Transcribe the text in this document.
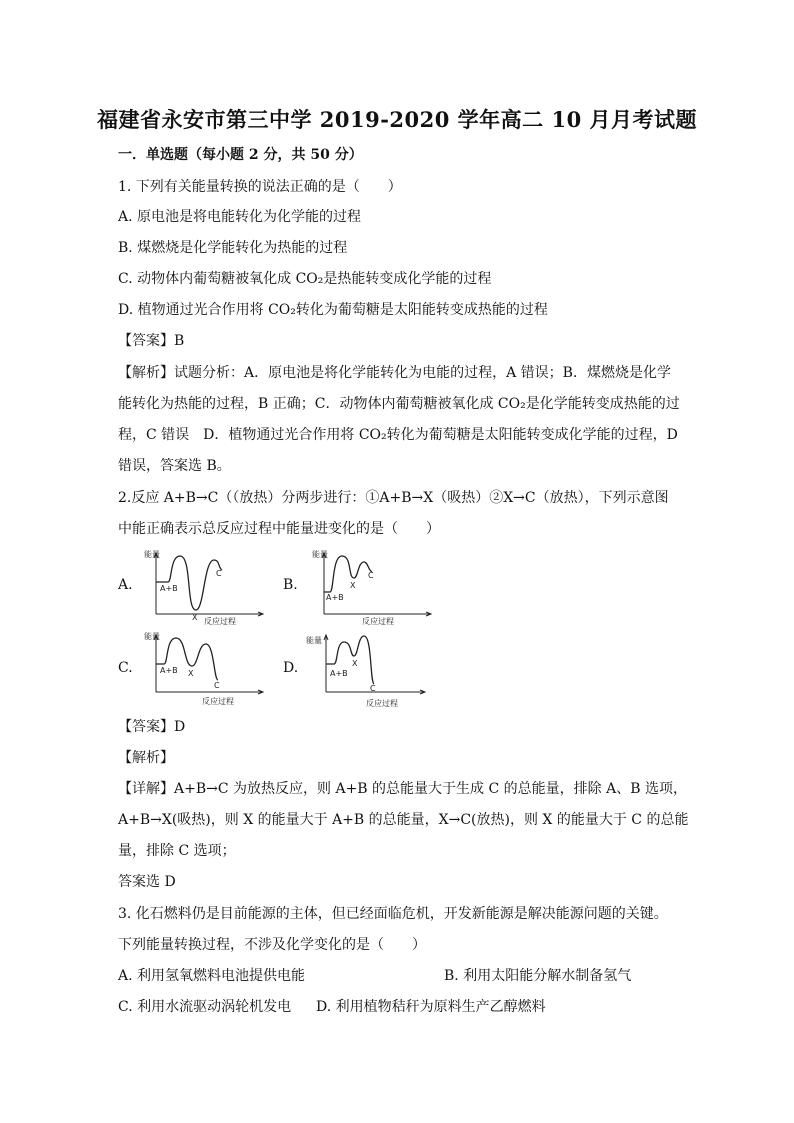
福建省永安市第三中学 2019-2020 学年高二 10 月月考试题
一．单选题（每小题 2 分，共 50 分）
1. 下列有关能量转换的说法正确的是（　　）
A. 原电池是将电能转化为化学能的过程
B. 煤燃烧是化学能转化为热能的过程
C. 动物体内葡萄糖被氧化成 CO₂是热能转变成化学能的过程
D. 植物通过光合作用将 CO₂转化为葡萄糖是太阳能转变成热能的过程
【答案】B
【解析】试题分析：A．原电池是将化学能转化为电能的过程，A 错误；B．煤燃烧是化学
能转化为热能的过程，B 正确；C．动物体内葡萄糖被氧化成 CO₂是化学能转变成热能的过
程，C 错误　D．植物通过光合作用将 CO₂转化为葡萄糖是太阳能转变成化学能的过程，D
错误，答案选 B。
2.反应 A+B→C（（放热）分两步进行：①A+B→X（吸热）②X→C（放热），下列示意图
中能正确表示总反应过程中能量进变化的是（　　）
A.	B.
C.	D.
能量
A+B
X
C
反应过程
能量
A+B
X
C
反应过程
能量
A+B X
C
反应过程
能量
A+B
X
C
反应过程
【答案】D
【解析】
【详解】A+B→C 为放热反应，则 A+B 的总能量大于生成 C 的总能量，排除 A、B 选项，
A+B→X(吸热)，则 X 的能量大于 A+B 的总能量，X→C(放热)，则 X 的能量大于 C 的总能
量，排除 C 选项；
答案选 D
3. 化石燃料仍是目前能源的主体，但已经面临危机，开发新能源是解决能源问题的关键。
下列能量转换过程，不涉及化学变化的是（　　）
A. 利用氢氧燃料电池提供电能	B. 利用太阳能分解水制备氢气
C. 利用水流驱动涡轮机发电 D. 利用植物秸秆为原料生产乙醇燃料
